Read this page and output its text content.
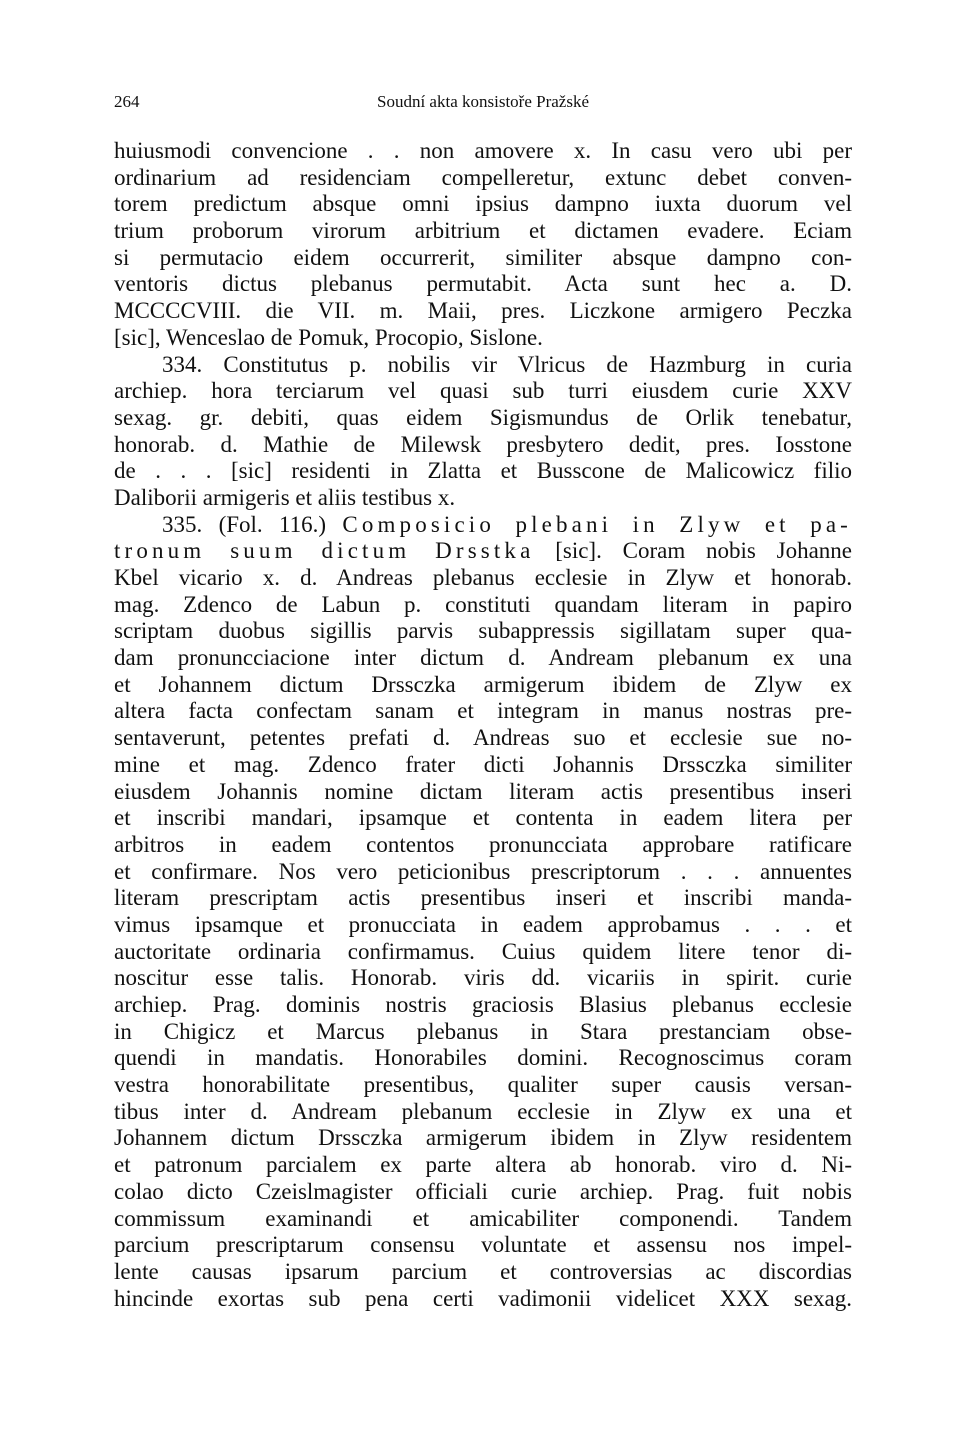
264	Soudní akta konsistoře Pražské
huiusmodi convencione . . non amovere x. In casu vero ubi per
ordinarium ad residenciam compelleretur, extunc debet conven-
torem predictum absque omni ipsius dampno iuxta duorum vel
trium proborum virorum arbitrium et dictamen evadere. Eciam
si permutacio eidem occurrerit, similiter absque dampno con-
ventoris dictus plebanus permutabit. Acta sunt hec a. D.
MCCCCVIII. die VII. m. Maii, pres. Liczkone armigero Peczka
[sic], Wenceslao de Pomuk, Procopio, Sislone.
334. Constitutus p. nobilis vir Vlricus de Hazmburg in curia
archiep. hora terciarum vel quasi sub turri eiusdem curie XXV
sexag. gr. debiti, quas eidem Sigismundus de Orlik tenebatur,
honorab. d. Mathie de Milewsk presbytero dedit, pres. Iosstone
de . . . [sic] residenti in Zlatta et Busscone de Malicowicz filio
Daliborii armigeris et aliis testibus x.
335. (Fol. 116.) Composicio plebani in Zlyw et pa-
tronum suum dictum Drsstka [sic]. Coram nobis Johanne
Kbel vicario x. d. Andreas plebanus ecclesie in Zlyw et honorab.
mag. Zdenco de Labun p. constituti quandam literam in papiro
scriptam duobus sigillis parvis subappressis sigillatam super qua-
dam pronuncciacione inter dictum d. Andream plebanum ex una
et Johannem dictum Drssczka armigerum ibidem de Zlyw ex
altera facta confectam sanam et integram in manus nostras pre-
sentaverunt, petentes prefati d. Andreas suo et ecclesie sue no-
mine et mag. Zdenco frater dicti Johannis Drssczka similiter
eiusdem Johannis nomine dictam literam actis presentibus inseri
et inscribi mandari, ipsamque et contenta in eadem litera per
arbitros in eadem contentos pronuncciata approbare ratificare
et confirmare. Nos vero peticionibus prescriptorum . . . annuentes
literam prescriptam actis presentibus inseri et inscribi manda-
vimus ipsamque et pronucciata in eadem approbamus . . . et
auctoritate ordinaria confirmamus. Cuius quidem litere tenor di-
noscitur esse talis. Honorab. viris dd. vicariis in spirit. curie
archiep. Prag. dominis nostris graciosis Blasius plebanus ecclesie
in Chigicz et Marcus plebanus in Stara prestanciam obse-
quendi in mandatis. Honorabiles domini. Recognoscimus coram
vestra honorabilitate presentibus, qualiter super causis versan-
tibus inter d. Andream plebanum ecclesie in Zlyw ex una et
Johannem dictum Drssczka armigerum ibidem in Zlyw residentem
et patronum parcialem ex parte altera ab honorab. viro d. Ni-
colao dicto Czeislmagister officiali curie archiep. Prag. fuit nobis
commissum examinandi et amicabiliter componendi. Tandem
parcium prescriptarum consensu voluntate et assensu nos impel-
lente causas ipsarum parcium et controversias ac discordias
hincinde exortas sub pena certi vadimonii videlicet XXX sexag.
